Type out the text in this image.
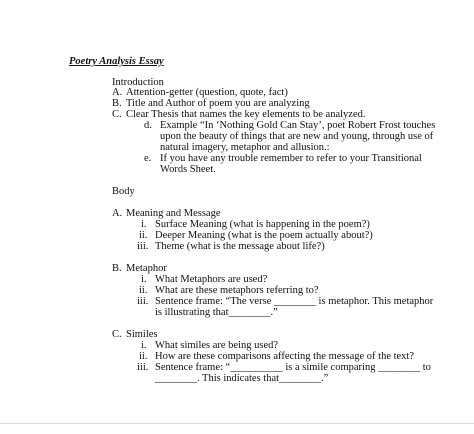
Poetry Analysis Essay
Introduction
A. Attention-getter (question, quote, fact)
B. Title and Author of poem you are analyzing
C. Clear Thesis that names the key elements to be analyzed.
d. Example “In ‘Nothing Gold Can Stay’, poet Robert Frost touches
upon the beauty of things that are new and young, through use of
natural imagery, metaphor and allusion.:
e. If you have any trouble remember to refer to your Transitional
Words Sheet.
Body
A. Meaning and Message
i. Surface Meaning (what is happening in the poem?)
ii. Deeper Meaning (what is the poem actually about?)
iii. Theme (what is the message about life?)
B. Metaphor
i. What Metaphors are used?
ii. What are these metaphors referring to?
iii. Sentence frame: “The verse ________ is metaphor. This metaphor
is illustrating that________.”
C. Similes
i. What similes are being used?
ii. How are these comparisons affecting the message of the text?
iii. Sentence frame: “__________ is a simile comparing ________ to
________. This indicates that________.”
